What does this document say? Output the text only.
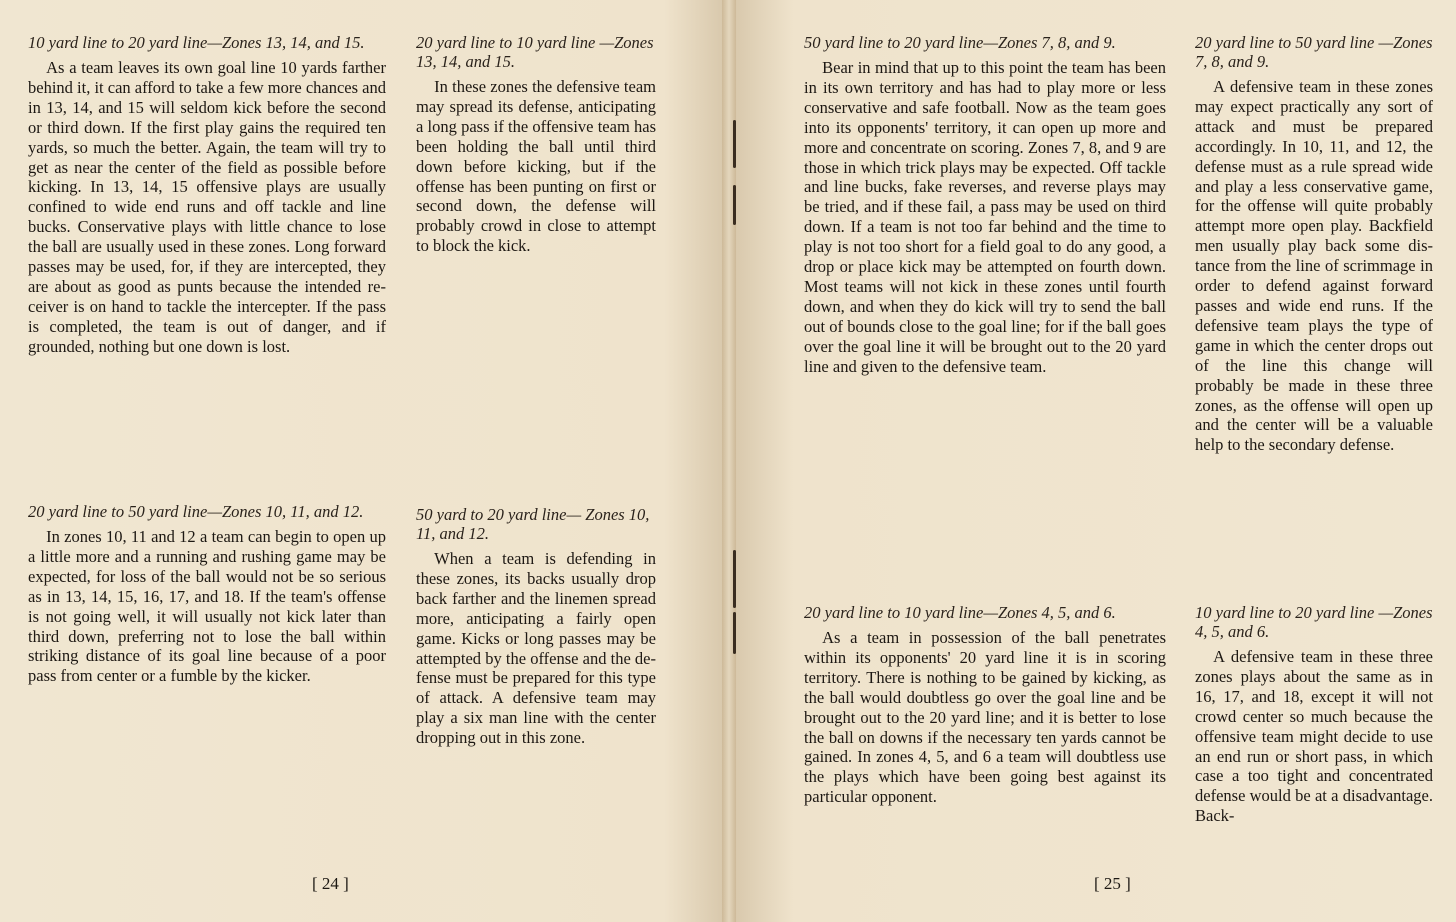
10 yard line to 20 yard line—Zones 13, 14, and 15.

As a team leaves its own goal line 10 yards farther behind it, it can afford to take a few more chances and in 13, 14, and 15 will seldom kick before the second or third down. If the first play gains the required ten yards, so much the better. Again, the team will try to get as near the center of the field as possible before kicking. In 13, 14, 15 offensive plays are usually confined to wide end runs and off tackle and line bucks. Conservative plays with little chance to lose the ball are usually used in these zones. Long forward passes may be used, for, if they are intercepted, they are about as good as punts because the intended receiver is on hand to tackle the intercepter. If the pass is completed, the team is out of danger, and if grounded, nothing but one down is lost.

20 yard line to 10 yard line —Zones 13, 14, and 15.

In these zones the defensive team may spread its defense, anticipating a long pass if the offensive team has been holding the ball until third down before kicking, but if the offense has been punting on first or second down, the defense will probably crowd in close to attempt to block the kick.

20 yard line to 50 yard line—Zones 10, 11, and 12.

In zones 10, 11 and 12 a team can begin to open up a little more and a running and rushing game may be expected, for loss of the ball would not be so serious as in 13, 14, 15, 16, 17, and 18. If the team's offense is not going well, it will usually not kick later than third down, preferring not to lose the ball within striking distance of its goal line because of a poor pass from center or a fumble by the kicker.

50 yard to 20 yard line— Zones 10, 11, and 12.

When a team is defending in these zones, its backs usually drop back farther and the linemen spread more, anticipating a fairly open game. Kicks or long passes may be attempted by the offense and the defense must be prepared for this type of attack. A defensive team may play a six man line with the center dropping out in this zone.

[ 24 ]

50 yard line to 20 yard line—Zones 7, 8, and 9.

Bear in mind that up to this point the team has been in its own territory and has had to play more or less conservative and safe football. Now as the team goes into its opponents' territory, it can open up more and more and concentrate on scoring. Zones 7, 8, and 9 are those in which trick plays may be expected. Off tackle and line bucks, fake reverses, and reverse plays may be tried, and if these fail, a pass may be used on third down. If a team is not too far behind and the time to play is not too short for a field goal to do any good, a drop or place kick may be attempted on fourth down. Most teams will not kick in these zones until fourth down, and when they do kick will try to send the ball out of bounds close to the goal line; for if the ball goes over the goal line it will be brought out to the 20 yard line and given to the defensive team.

20 yard line to 50 yard line —Zones 7, 8, and 9.

A defensive team in these zones may expect practically any sort of attack and must be prepared accordingly. In 10, 11, and 12, the defense must as a rule spread wide and play a less conservative game, for the offense will quite probably attempt more open play. Backfield men usually play back some distance from the line of scrimmage in order to defend against forward passes and wide end runs. If the defensive team plays the type of game in which the center drops out of the line this change will probably be made in these three zones, as the offense will open up and the center will be a valuable help to the secondary defense.

20 yard line to 10 yard line—Zones 4, 5, and 6.

As a team in possession of the ball penetrates within its opponents' 20 yard line it is in scoring territory. There is nothing to be gained by kicking, as the ball would doubtless go over the goal line and be brought out to the 20 yard line; and it is better to lose the ball on downs if the necessary ten yards cannot be gained. In zones 4, 5, and 6 a team will doubtless use the plays which have been going best against its particular opponent.

10 yard line to 20 yard line —Zones 4, 5, and 6.

A defensive team in these three zones plays about the same as in 16, 17, and 18, except it will not crowd center so much because the offensive team might decide to use an end run or short pass, in which case a too tight and concentrated defense would be at a disadvantage. Back-

[ 25 ]
